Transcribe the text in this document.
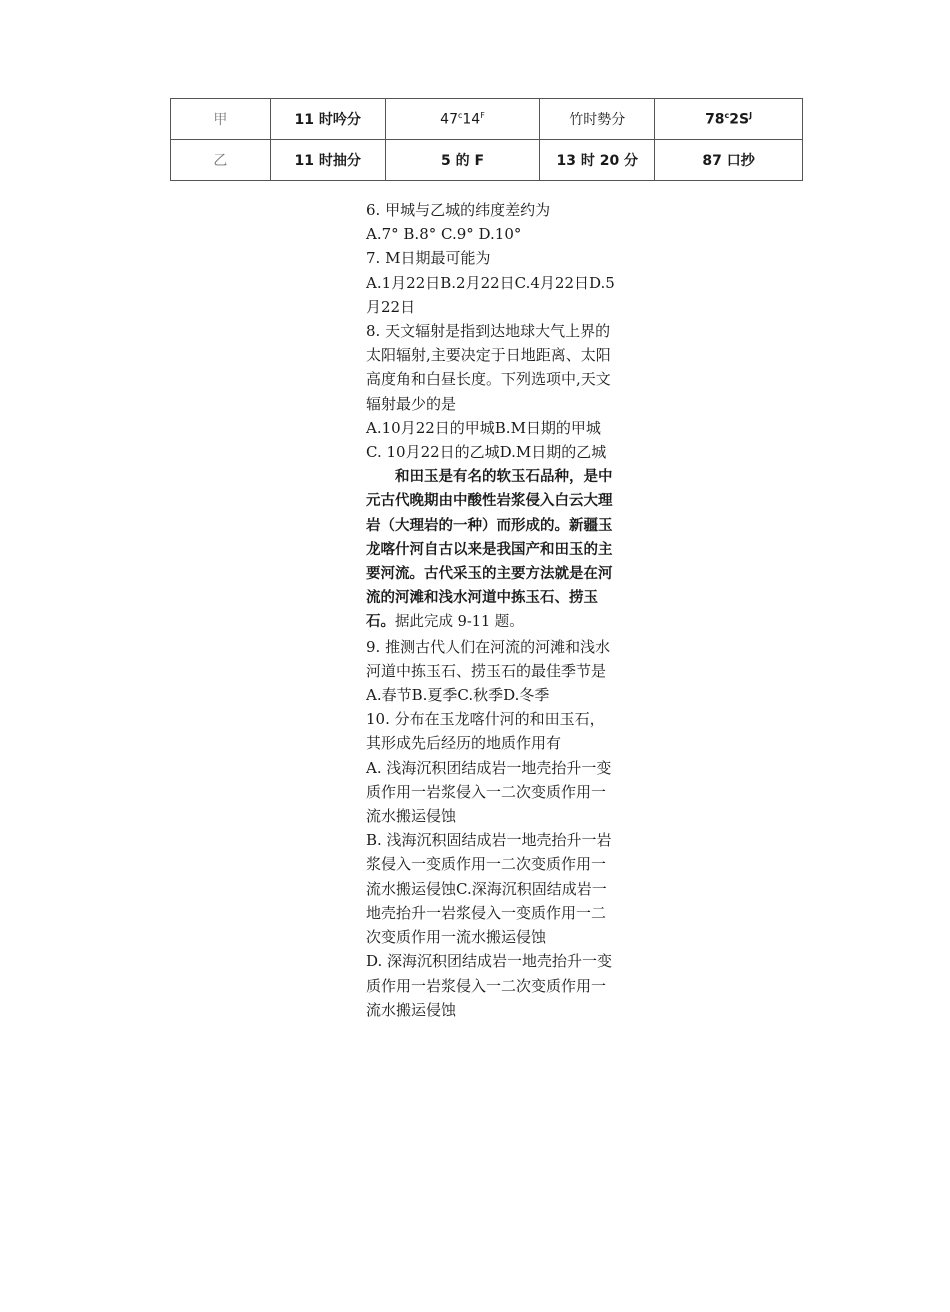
甲	11 时吟分	$47^c14^F$	竹时勢分	$78^c2S^J$
乙	11 时抽分	5 的 F	13 时 20 分	87 口抄

6. 甲城与乙城的纬度差约为

A.7° B.8° C.9° D.10°

7. M日期最可能为

A.1月22日B.2月22日C.4月22日D.5月22日

8. 天文辐射是指到达地球大气上界的太阳辐射,主要决定于日地距离、太阳高度角和白昼长度。下列选项中,天文辐射最少的是

A.10月22日的甲城B.M日期的甲城

C. 10月22日的乙城D.M日期的乙城

和田玉是有名的软玉石品种，是中元古代晚期由中酸性岩浆侵入白云大理岩（大理岩的一种）而形成的。新疆玉龙喀什河自古以来是我国产和田玉的主要河流。古代采玉的主要方法就是在河流的河滩和浅水河道中拣玉石、捞玉石。据此完成 9-11 题。

9. 推测古代人们在河流的河滩和浅水河道中拣玉石、捞玉石的最佳季节是

A.春节B.夏季C.秋季D.冬季

10. 分布在玉龙喀什河的和田玉石，其形成先后经历的地质作用有

A. 浅海沉积团结成岩一地壳抬升一变质作用一岩浆侵入一二次变质作用一流水搬运侵蚀

B. 浅海沉积固结成岩一地壳抬升一岩浆侵入一变质作用一二次变质作用一流水搬运侵蚀C.深海沉积固结成岩一地壳抬升一岩浆侵入一变质作用一二次变质作用一流水搬运侵蚀

D. 深海沉积团结成岩一地壳抬升一变质作用一岩浆侵入一二次变质作用一流水搬运侵蚀
